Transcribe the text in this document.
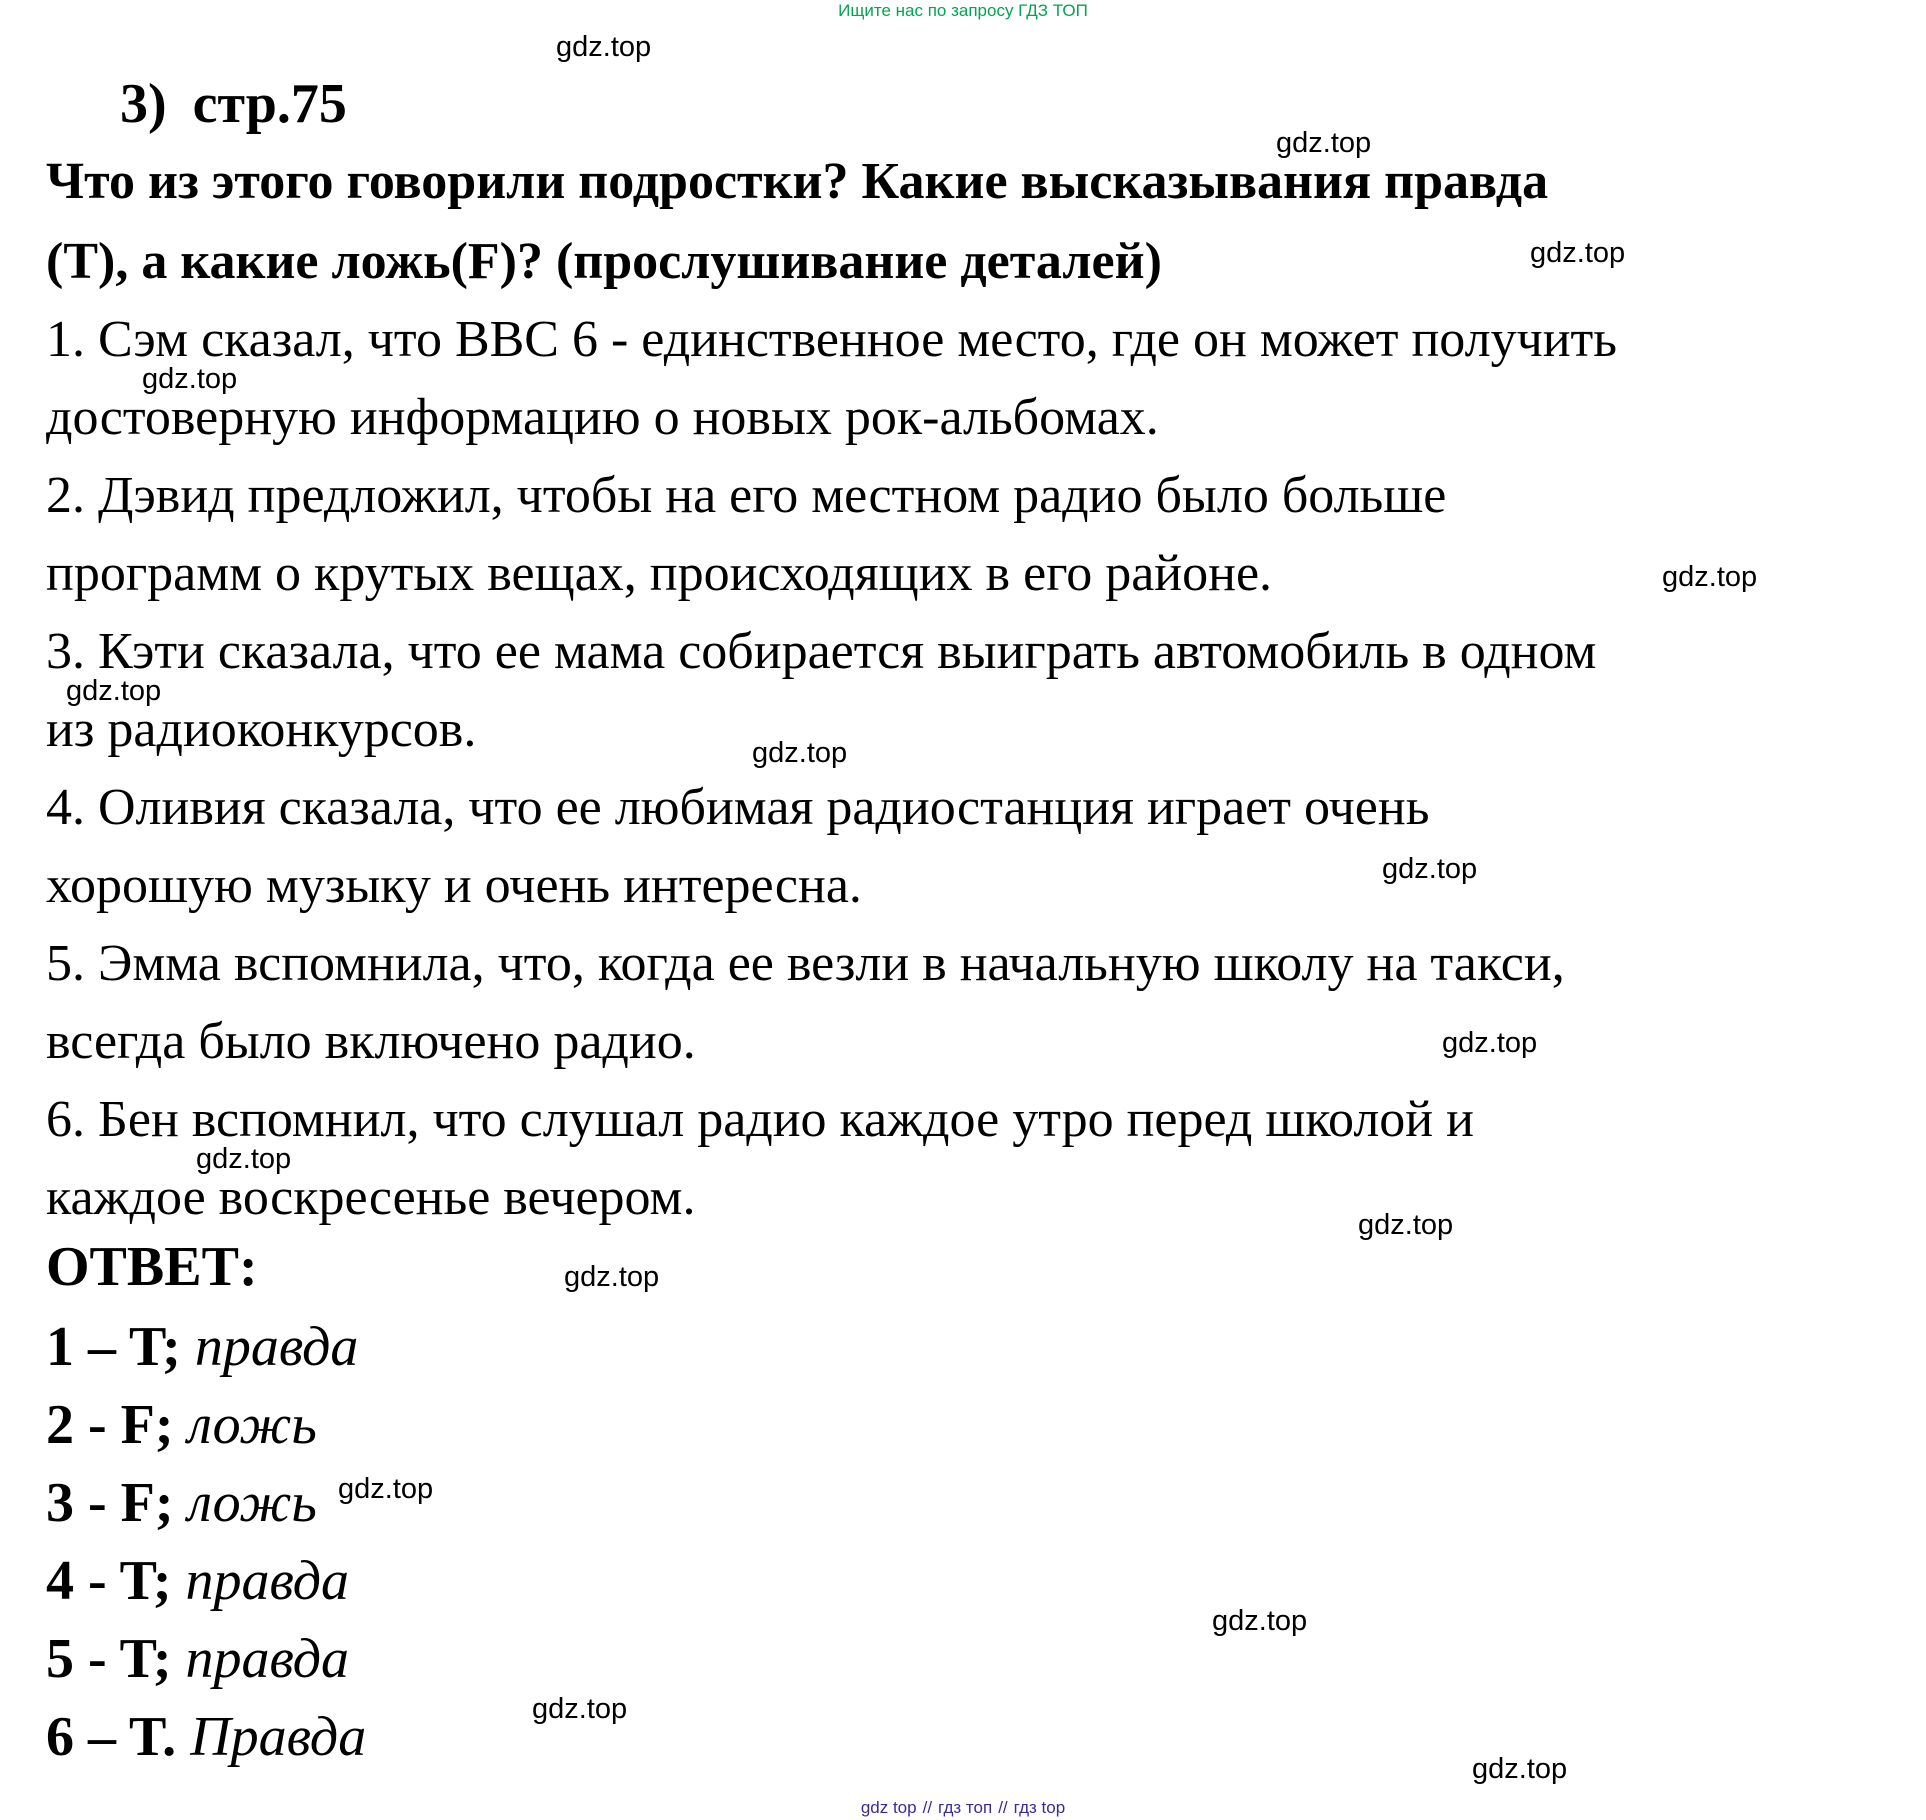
Ищите нас по запросу ГДЗ ТОП
3) стр.75
Что из этого говорили подростки? Какие высказывания правда
(T), а какие ложь(F)? (прослушивание деталей)
1. Сэм сказал, что BBC 6 - единственное место, где он может получить
достоверную информацию о новых рок-альбомах.
2. Дэвид предложил, чтобы на его местном радио было больше
программ о крутых вещах, происходящих в его районе.
3. Кэти сказала, что ее мама собирается выиграть автомобиль в одном
из радиоконкурсов.
4. Оливия сказала, что ее любимая радиостанция играет очень
хорошую музыку и очень интересна.
5. Эмма вспомнила, что, когда ее везли в начальную школу на такси,
всегда было включено радио.
6. Бен вспомнил, что слушал радио каждое утро перед школой и
каждое воскресенье вечером.
ОТВЕТ:
1 – T; правда
2 - F; ложь
3 - F; ложь
4 - T; правда
5 - T; правда
6 – T. Правда
gdz.top
gdz.top
gdz.top
gdz.top
gdz.top
gdz.top
gdz.top
gdz.top
gdz.top
gdz.top
gdz.top
gdz.top
gdz.top
gdz.top
gdz.top
gdz.top
gdz top // гдз топ // гдз top
